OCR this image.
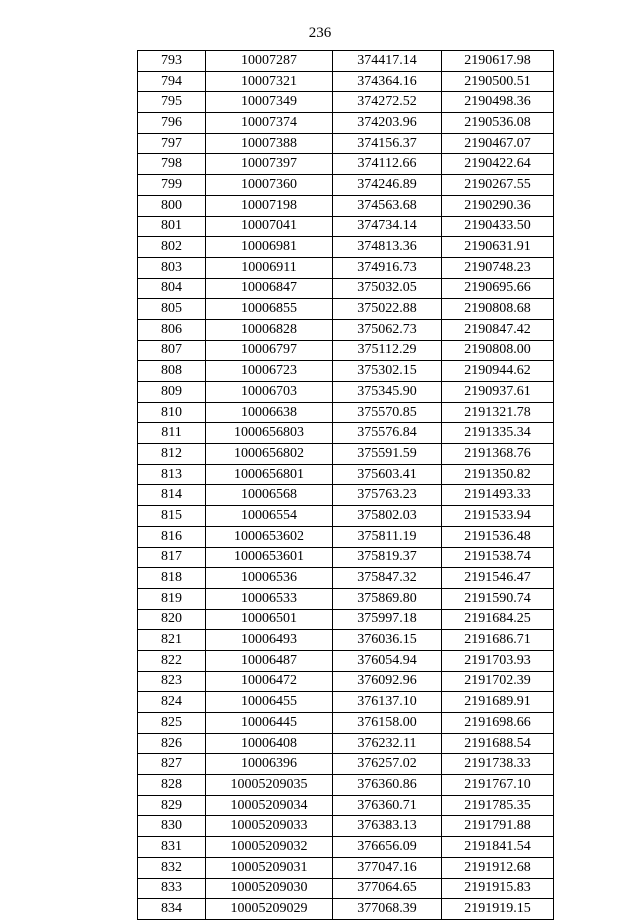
236
793	10007287	374417.14	2190617.98
794	10007321	374364.16	2190500.51
795	10007349	374272.52	2190498.36
796	10007374	374203.96	2190536.08
797	10007388	374156.37	2190467.07
798	10007397	374112.66	2190422.64
799	10007360	374246.89	2190267.55
800	10007198	374563.68	2190290.36
801	10007041	374734.14	2190433.50
802	10006981	374813.36	2190631.91
803	10006911	374916.73	2190748.23
804	10006847	375032.05	2190695.66
805	10006855	375022.88	2190808.68
806	10006828	375062.73	2190847.42
807	10006797	375112.29	2190808.00
808	10006723	375302.15	2190944.62
809	10006703	375345.90	2190937.61
810	10006638	375570.85	2191321.78
811	1000656803	375576.84	2191335.34
812	1000656802	375591.59	2191368.76
813	1000656801	375603.41	2191350.82
814	10006568	375763.23	2191493.33
815	10006554	375802.03	2191533.94
816	1000653602	375811.19	2191536.48
817	1000653601	375819.37	2191538.74
818	10006536	375847.32	2191546.47
819	10006533	375869.80	2191590.74
820	10006501	375997.18	2191684.25
821	10006493	376036.15	2191686.71
822	10006487	376054.94	2191703.93
823	10006472	376092.96	2191702.39
824	10006455	376137.10	2191689.91
825	10006445	376158.00	2191698.66
826	10006408	376232.11	2191688.54
827	10006396	376257.02	2191738.33
828	10005209035	376360.86	2191767.10
829	10005209034	376360.71	2191785.35
830	10005209033	376383.13	2191791.88
831	10005209032	376656.09	2191841.54
832	10005209031	377047.16	2191912.68
833	10005209030	377064.65	2191915.83
834	10005209029	377068.39	2191919.15
